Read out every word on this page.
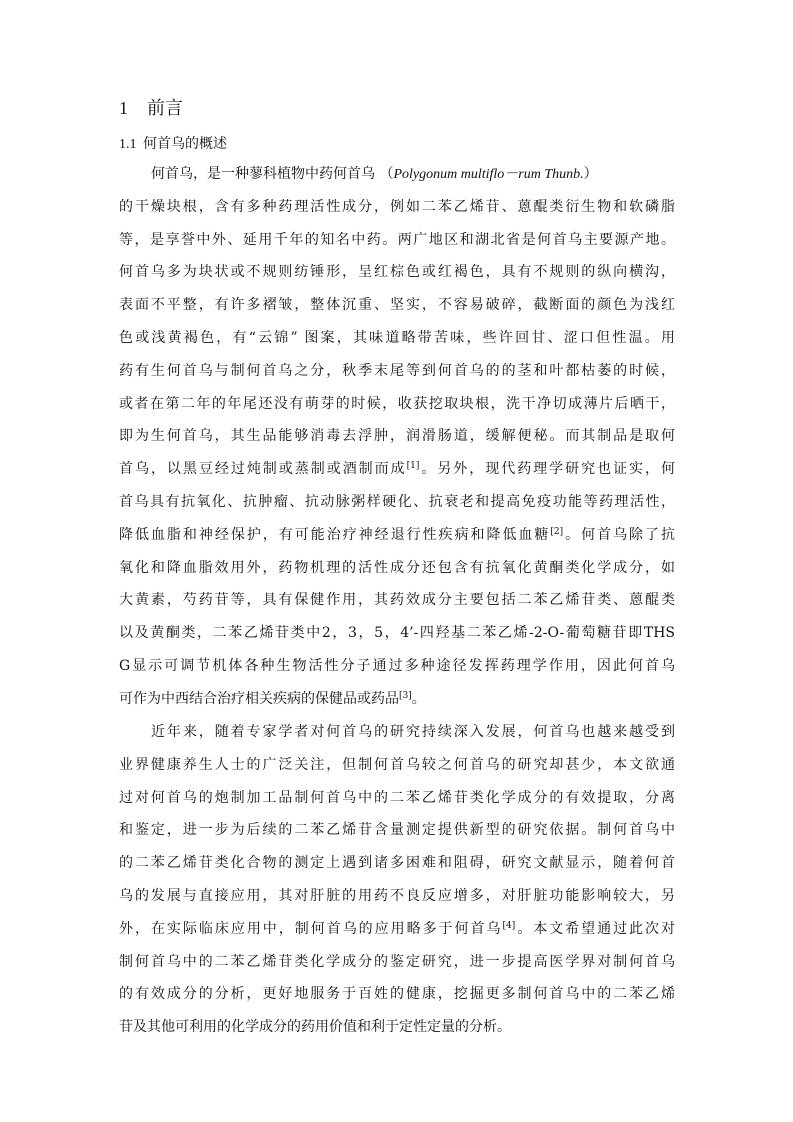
1 前言
1.1 何首乌的概述
何首乌，是一种蓼科植物中药何首乌 （Polygonum multiflo－rum Thunb.）
的干燥块根，含有多种药理活性成分，例如二苯乙烯苷、蒽醌类衍生物和软磷脂
等，是享誉中外、延用千年的知名中药。两广地区和湖北省是何首乌主要源产地。
何首乌多为块状或不规则纺锤形，呈红棕色或红褐色，具有不规则的纵向横沟，
表面不平整，有许多褶皱，整体沉重、坚实，不容易破碎，截断面的颜色为浅红
色或浅黄褐色，有“云锦” 图案，其味道略带苦味，些许回甘、涩口但性温。用
药有生何首乌与制何首乌之分，秋季末尾等到何首乌的的茎和叶都枯萎的时候，
或者在第二年的年尾还没有萌芽的时候，收获挖取块根，洗干净切成薄片后晒干，
即为生何首乌，其生品能够消毒去浮肿，润滑肠道，缓解便秘。而其制品是取何
首乌，以黑豆经过炖制或蒸制或酒制而成[1]。另外，现代药理学研究也证实，何
首乌具有抗氧化、抗肿瘤、抗动脉粥样硬化、抗衰老和提高免疫功能等药理活性，
降低血脂和神经保护，有可能治疗神经退行性疾病和降低血糖[2]。何首乌除了抗
氧化和降血脂效用外，药物机理的活性成分还包含有抗氧化黄酮类化学成分，如
大黄素，芍药苷等，具有保健作用，其药效成分主要包括二苯乙烯苷类、蒽醌类
以及黄酮类，二苯乙烯苷类中2，3，5，4’-四羟基二苯乙烯-2-O-葡萄糖苷即THS
G显示可调节机体各种生物活性分子通过多种途径发挥药理学作用，因此何首乌
可作为中西结合治疗相关疾病的保健品或药品[3]。
近年来，随着专家学者对何首乌的研究持续深入发展，何首乌也越来越受到
业界健康养生人士的广泛关注，但制何首乌较之何首乌的研究却甚少，本文欲通
过对何首乌的炮制加工品制何首乌中的二苯乙烯苷类化学成分的有效提取，分离
和鉴定，进一步为后续的二苯乙烯苷含量测定提供新型的研究依据。制何首乌中
的二苯乙烯苷类化合物的测定上遇到诸多困难和阻碍，研究文献显示，随着何首
乌的发展与直接应用，其对肝脏的用药不良反应增多，对肝脏功能影响较大，另
外，在实际临床应用中，制何首乌的应用略多于何首乌[4]。本文希望通过此次对
制何首乌中的二苯乙烯苷类化学成分的鉴定研究，进一步提高医学界对制何首乌
的有效成分的分析，更好地服务于百姓的健康，挖掘更多制何首乌中的二苯乙烯
苷及其他可利用的化学成分的药用价值和利于定性定量的分析。
